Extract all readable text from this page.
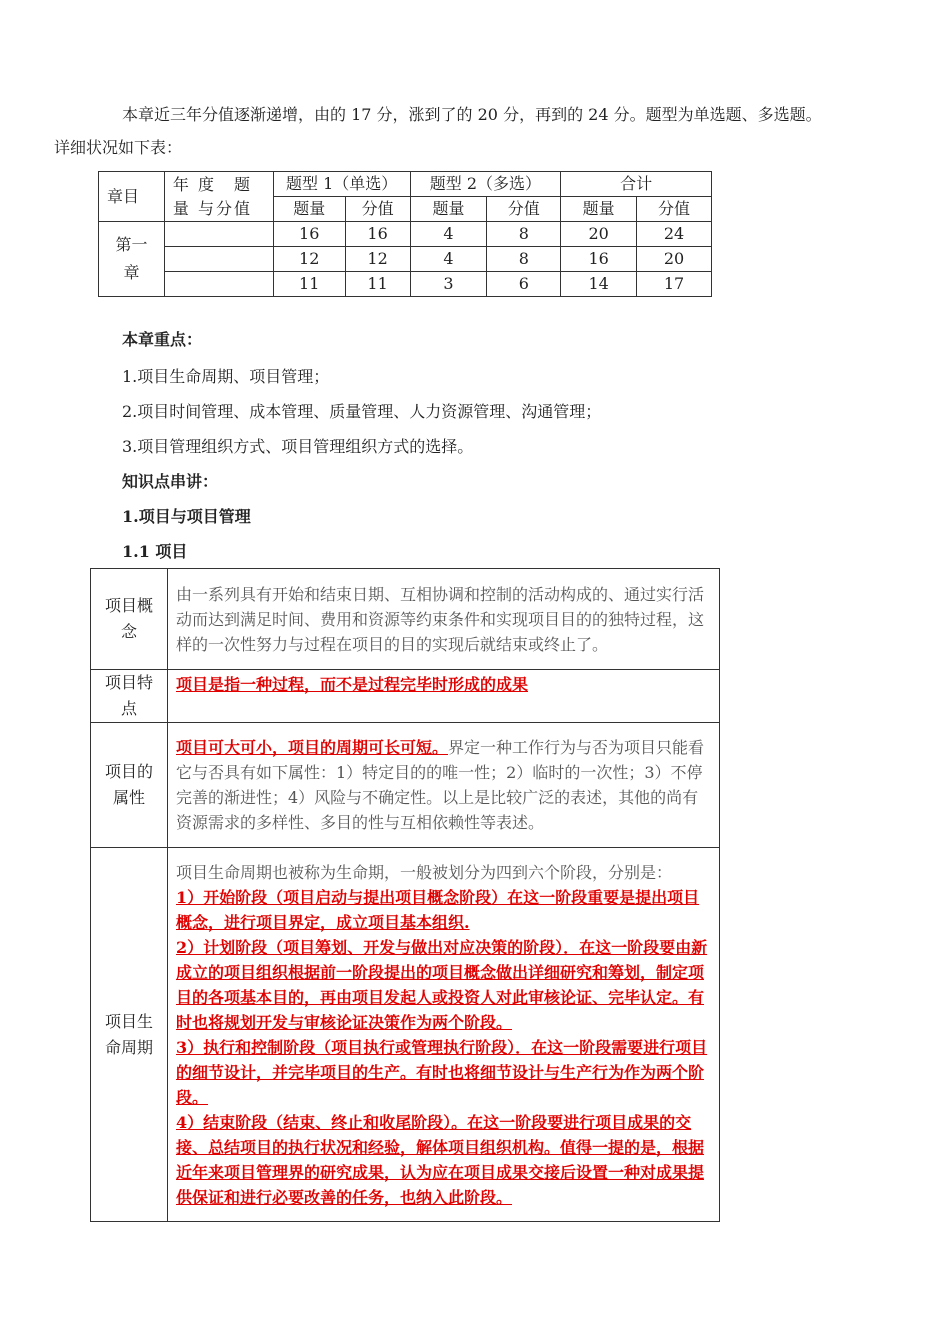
本章近三年分值逐渐递增，由的 17 分，涨到了的 20 分，再到的 24 分。题型为单选题、多选题。
详细状况如下表：
章目	年 度　题 量 与分值	题型 1（单选）		题型 2（多选）		合计	
		题量	分值	题量	分值	题量	分值
第一章		16	16	4	8	20	24
		12	12	4	8	16	20
		11	11	3	6	14	17

本章重点：

1.项目生命周期、项目管理；

2.项目时间管理、成本管理、质量管理、人力资源管理、沟通管理；

3.项目管理组织方式、项目管理组织方式的选择。

知识点串讲：

1.项目与项目管理

1.1 项目

项目概念	由一系列具有开始和结束日期、互相协调和控制的活动构成的、通过实行活动而达到满足时间、费用和资源等约束条件和实现项目目的的独特过程，这样的一次性努力与过程在项目的目的实现后就结束或终止了。
项目特点	项目是指一种过程，而不是过程完毕时形成的成果
项目的属性	项目可大可小，项目的周期可长可短。界定一种工作行为与否为项目只能看它与否具有如下属性：1）特定目的的唯一性；2）临时的一次性；3）不停完善的渐进性；4）风险与不确定性。以上是比较广泛的表述，其他的尚有资源需求的多样性、多目的性与互相依赖性等表述。
项目生命周期	项目生命周期也被称为生命期，一般被划分为四到六个阶段，分别是：
1）开始阶段（项目启动与提出项目概念阶段）在这一阶段重要是提出项目概念，进行项目界定，成立项目基本组织.
2）计划阶段（项目筹划、开发与做出对应决策的阶段）．在这一阶段要由新成立的项目组织根据前一阶段提出的项目概念做出详细研究和筹划，制定项目的各项基本目的，再由项目发起人或投资人对此审核论证、完毕认定。有时也将规划开发与审核论证决策作为两个阶段。
3）执行和控制阶段（项目执行或管理执行阶段）．在这一阶段需要进行项目的细节设计，并完毕项目的生产。有时也将细节设计与生产行为作为两个阶段。
4）结束阶段（结束、终止和收尾阶段）。在这一阶段要进行项目成果的交接、总结项目的执行状况和经验，解体项目组织机构。值得一提的是，根据近年来项目管理界的研究成果，认为应在项目成果交接后设置一种对成果提供保证和进行必要改善的任务，也纳入此阶段。
